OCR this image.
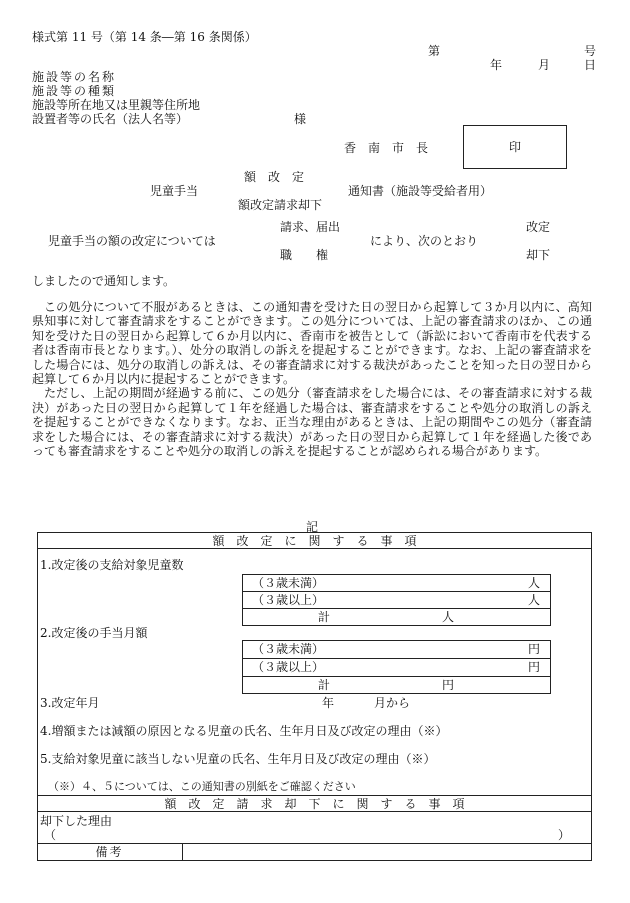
様式第 11 号（第 14 条―第 16 条関係）
第	号
年	月	日
施設等の名称
施設等の種類
施設等所在地又は里親等住所地
設置者等の氏名（法人名等）	様
香　南　市　長	印
額　改　定
児童手当	通知書（施設等受給者用）
額改定請求却下
請求、届出	改定
児童手当の額の改定については	により、次のとおり
職　　権	却下
しましたので通知します。

この処分について不服があるときは、この通知書を受けた日の翌日から起算して３か月以内に、高知県知事に対して審査請求をすることができます。この処分については、上記の審査請求のほか、この通知を受けた日の翌日から起算して６か月以内に、香南市を被告として（訴訟において香南市を代表する者は香南市長となります。）、处分の取消しの訴えを提起することができます。なお、上記の審査請求をした場合には、処分の取消しの訴えは、その審査請求に対する裁決があったことを知った日の翌日から起算して６か月以内に提起することができます。

ただし、上記の期間が経過する前に、この処分（審査請求をした場合には、その審査請求に対する裁決）があった日の翌日から起算して１年を経過した場合は、審査請求をすることや処分の取消しの訴えを提起することができなくなります。なお、正当な理由があるときは、上記の期間やこの処分（審査請求をした場合には、その審査請求に対する裁決）があった日の翌日から起算して１年を経過した後であっても審査請求をすることや処分の取消しの訴えを提起することが認められる場合があります。

記
額　改　定　に　関　す　る　事　項
1.改定後の支給対象児童数
（３歳未満）	人
（３歳以上）	人
計	人
2.改定後の手当月額
（３歳未満）	円
（３歳以上）	円
計	円
3.改定年月	年	月から
4.増額または減額の原因となる児童の氏名、生年月日及び改定の理由（※）
5.支給対象児童に該当しない児童の氏名、生年月日及び改定の理由（※）
（※）４、５については、この通知書の別紙をご確認ください
額　改　定　請　求　却　下　に　関　す　る　事　項
却下した理由
（	）
備考
